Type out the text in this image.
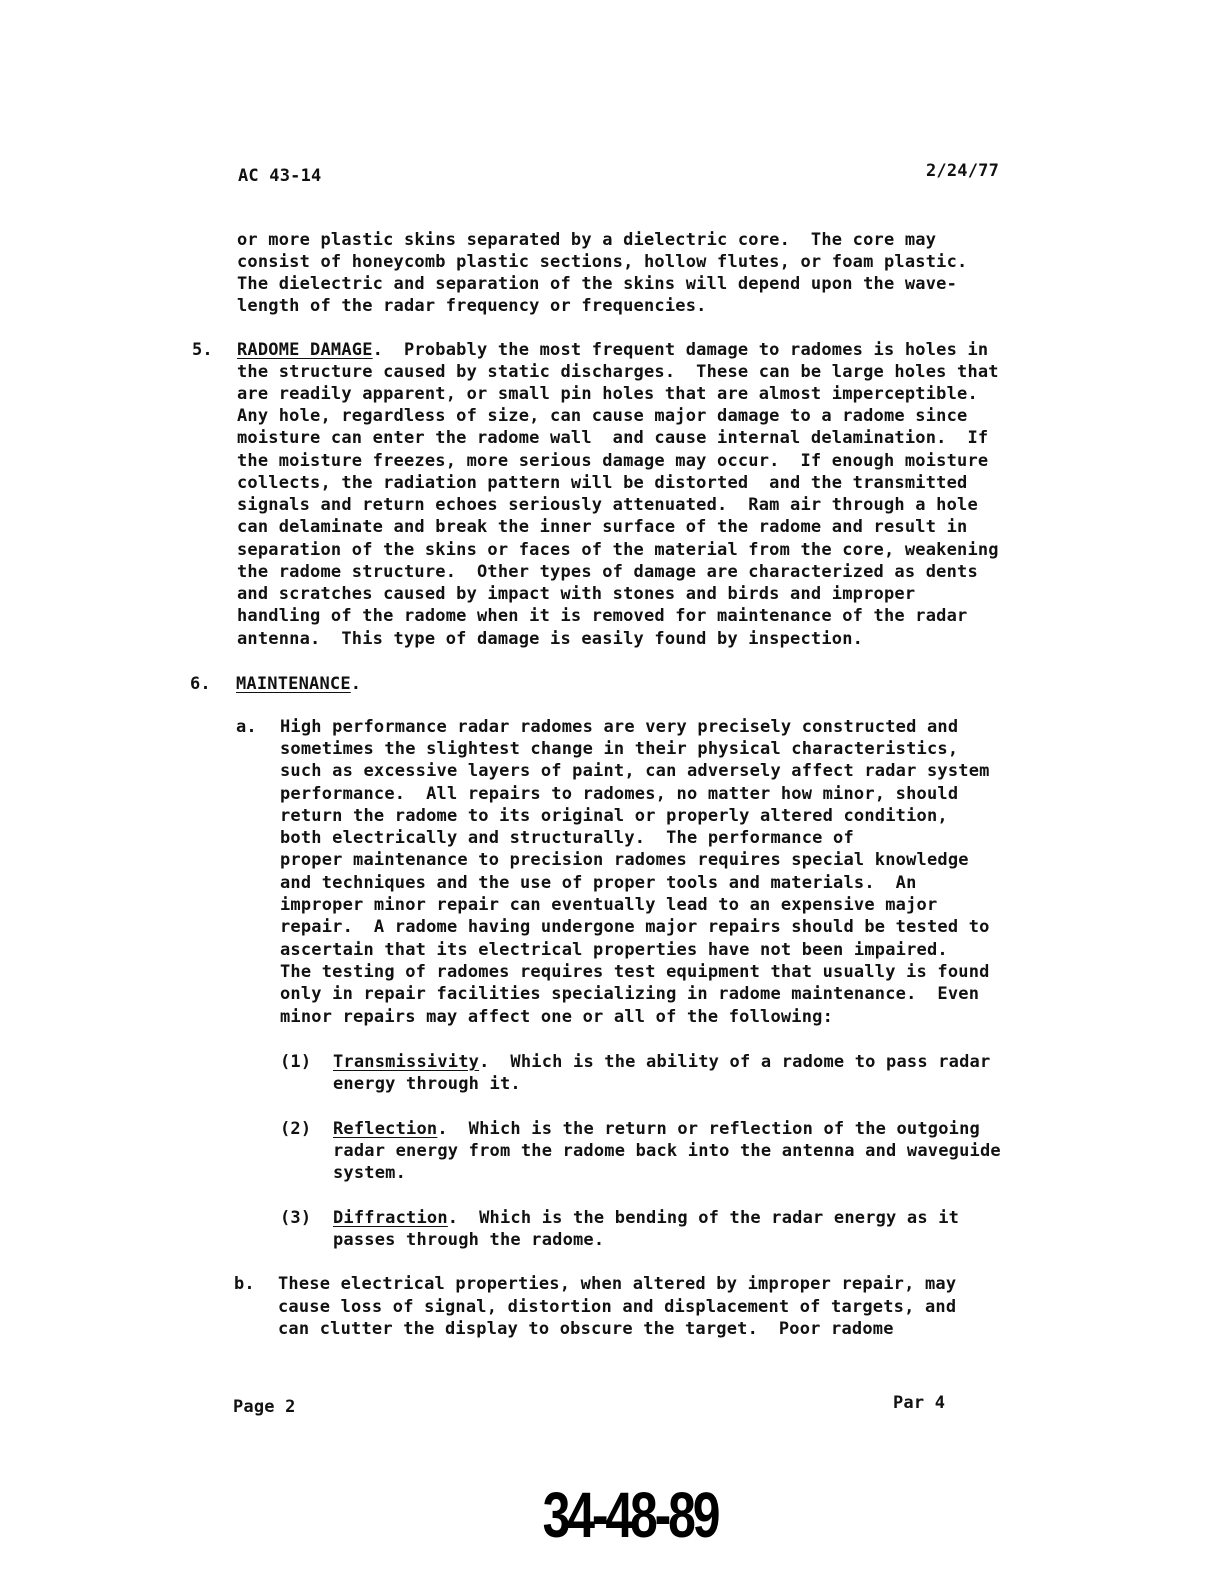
AC 43-14	2/24/77
or more plastic skins separated by a dielectric core.  The core may
consist of honeycomb plastic sections, hollow flutes, or foam plastic.
The dielectric and separation of the skins will depend upon the wave-
length of the radar frequency or frequencies.
5. RADOME DAMAGE.  Probably the most frequent damage to radomes is holes in
the structure caused by static discharges.  These can be large holes that
are readily apparent, or small pin holes that are almost imperceptible.
Any hole, regardless of size, can cause major damage to a radome since
moisture can enter the radome wall  and cause internal delamination.  If
the moisture freezes, more serious damage may occur.  If enough moisture
collects, the radiation pattern will be distorted  and the transmitted
signals and return echoes seriously attenuated.  Ram air through a hole
can delaminate and break the inner surface of the radome and result in
separation of the skins or faces of the material from the core, weakening
the radome structure.  Other types of damage are characterized as dents
and scratches caused by impact with stones and birds and improper
handling of the radome when it is removed for maintenance of the radar
antenna.  This type of damage is easily found by inspection.
6. MAINTENANCE.
a. High performance radar radomes are very precisely constructed and
sometimes the slightest change in their physical characteristics,
such as excessive layers of paint, can adversely affect radar system
performance.  All repairs to radomes, no matter how minor, should
return the radome to its original or properly altered condition,
both electrically and structurally.  The performance of
proper maintenance to precision radomes requires special knowledge
and techniques and the use of proper tools and materials.  An
improper minor repair can eventually lead to an expensive major
repair.  A radome having undergone major repairs should be tested to
ascertain that its electrical properties have not been impaired.
The testing of radomes requires test equipment that usually is found
only in repair facilities specializing in radome maintenance.  Even
minor repairs may affect one or all of the following:
(1) Transmissivity.  Which is the ability of a radome to pass radar
energy through it.
(2) Reflection.  Which is the return or reflection of the outgoing
radar energy from the radome back into the antenna and waveguide
system.
(3) Diffraction.  Which is the bending of the radar energy as it
passes through the radome.
b. These electrical properties, when altered by improper repair, may
cause loss of signal, distortion and displacement of targets, and
can clutter the display to obscure the target.  Poor radome
Page 2	Par 4
34-48-89
